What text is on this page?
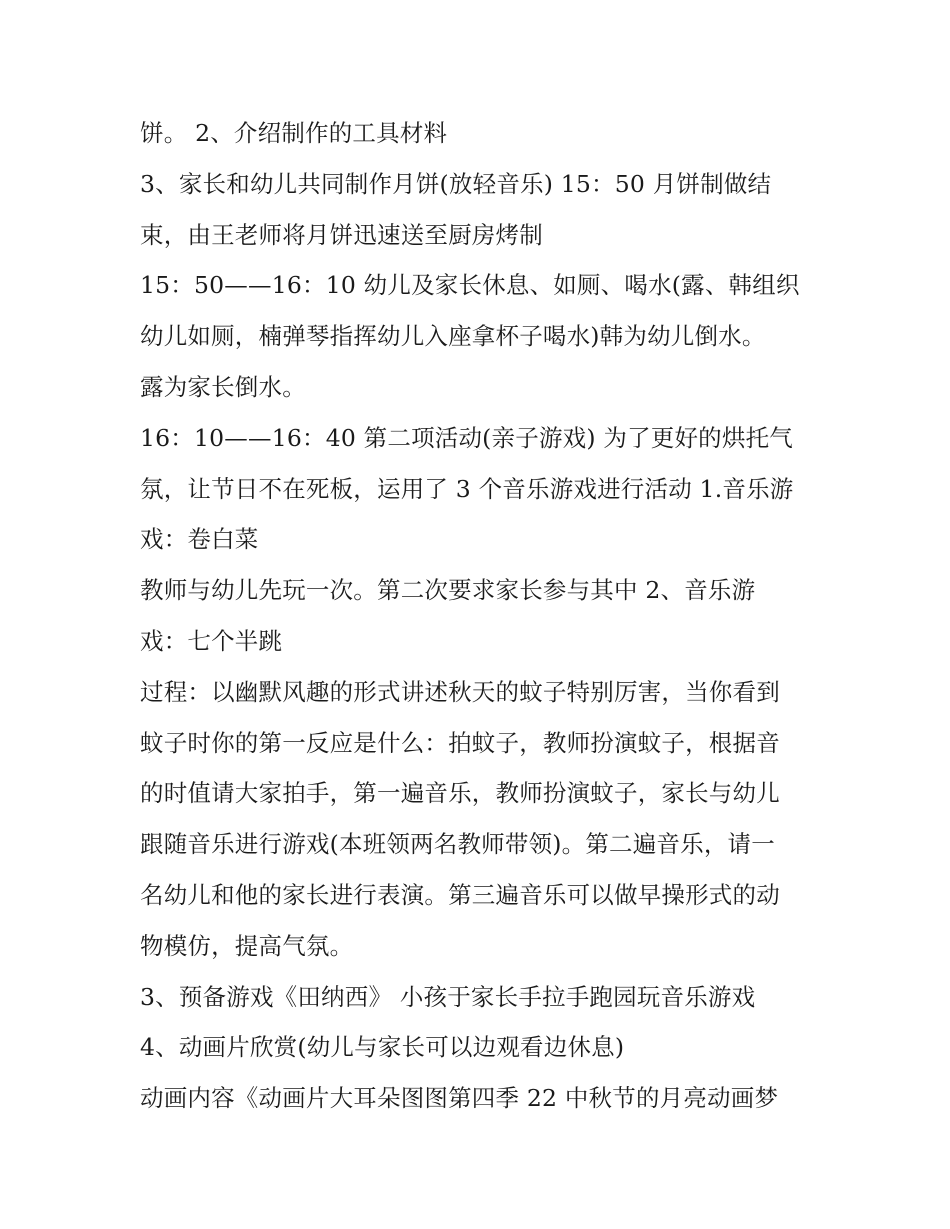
饼。 2、介绍制作的工具材料
3、家长和幼儿共同制作月饼(放轻音乐) 15：50 月饼制做结
束，由王老师将月饼迅速送至厨房烤制
15：50——16：10 幼儿及家长休息、如厕、喝水(露、韩组织
幼儿如厕，楠弹琴指挥幼儿入座拿杯子喝水)韩为幼儿倒水。
露为家长倒水。
16：10——16：40 第二项活动(亲子游戏) 为了更好的烘托气
氛，让节日不在死板，运用了 3 个音乐游戏进行活动 1.音乐游
戏：卷白菜
教师与幼儿先玩一次。第二次要求家长参与其中 2、音乐游
戏：七个半跳
过程：以幽默风趣的形式讲述秋天的蚊子特别厉害，当你看到
蚊子时你的第一反应是什么：拍蚊子，教师扮演蚊子，根据音
的时值请大家拍手，第一遍音乐，教师扮演蚊子，家长与幼儿
跟随音乐进行游戏(本班领两名教师带领)。第二遍音乐，请一
名幼儿和他的家长进行表演。第三遍音乐可以做早操形式的动
物模仿，提高气氛。
3、预备游戏《田纳西》 小孩于家长手拉手跑园玩音乐游戏
4、动画片欣赏(幼儿与家长可以边观看边休息)
动画内容《动画片大耳朵图图第四季 22 中秋节的月亮动画梦
